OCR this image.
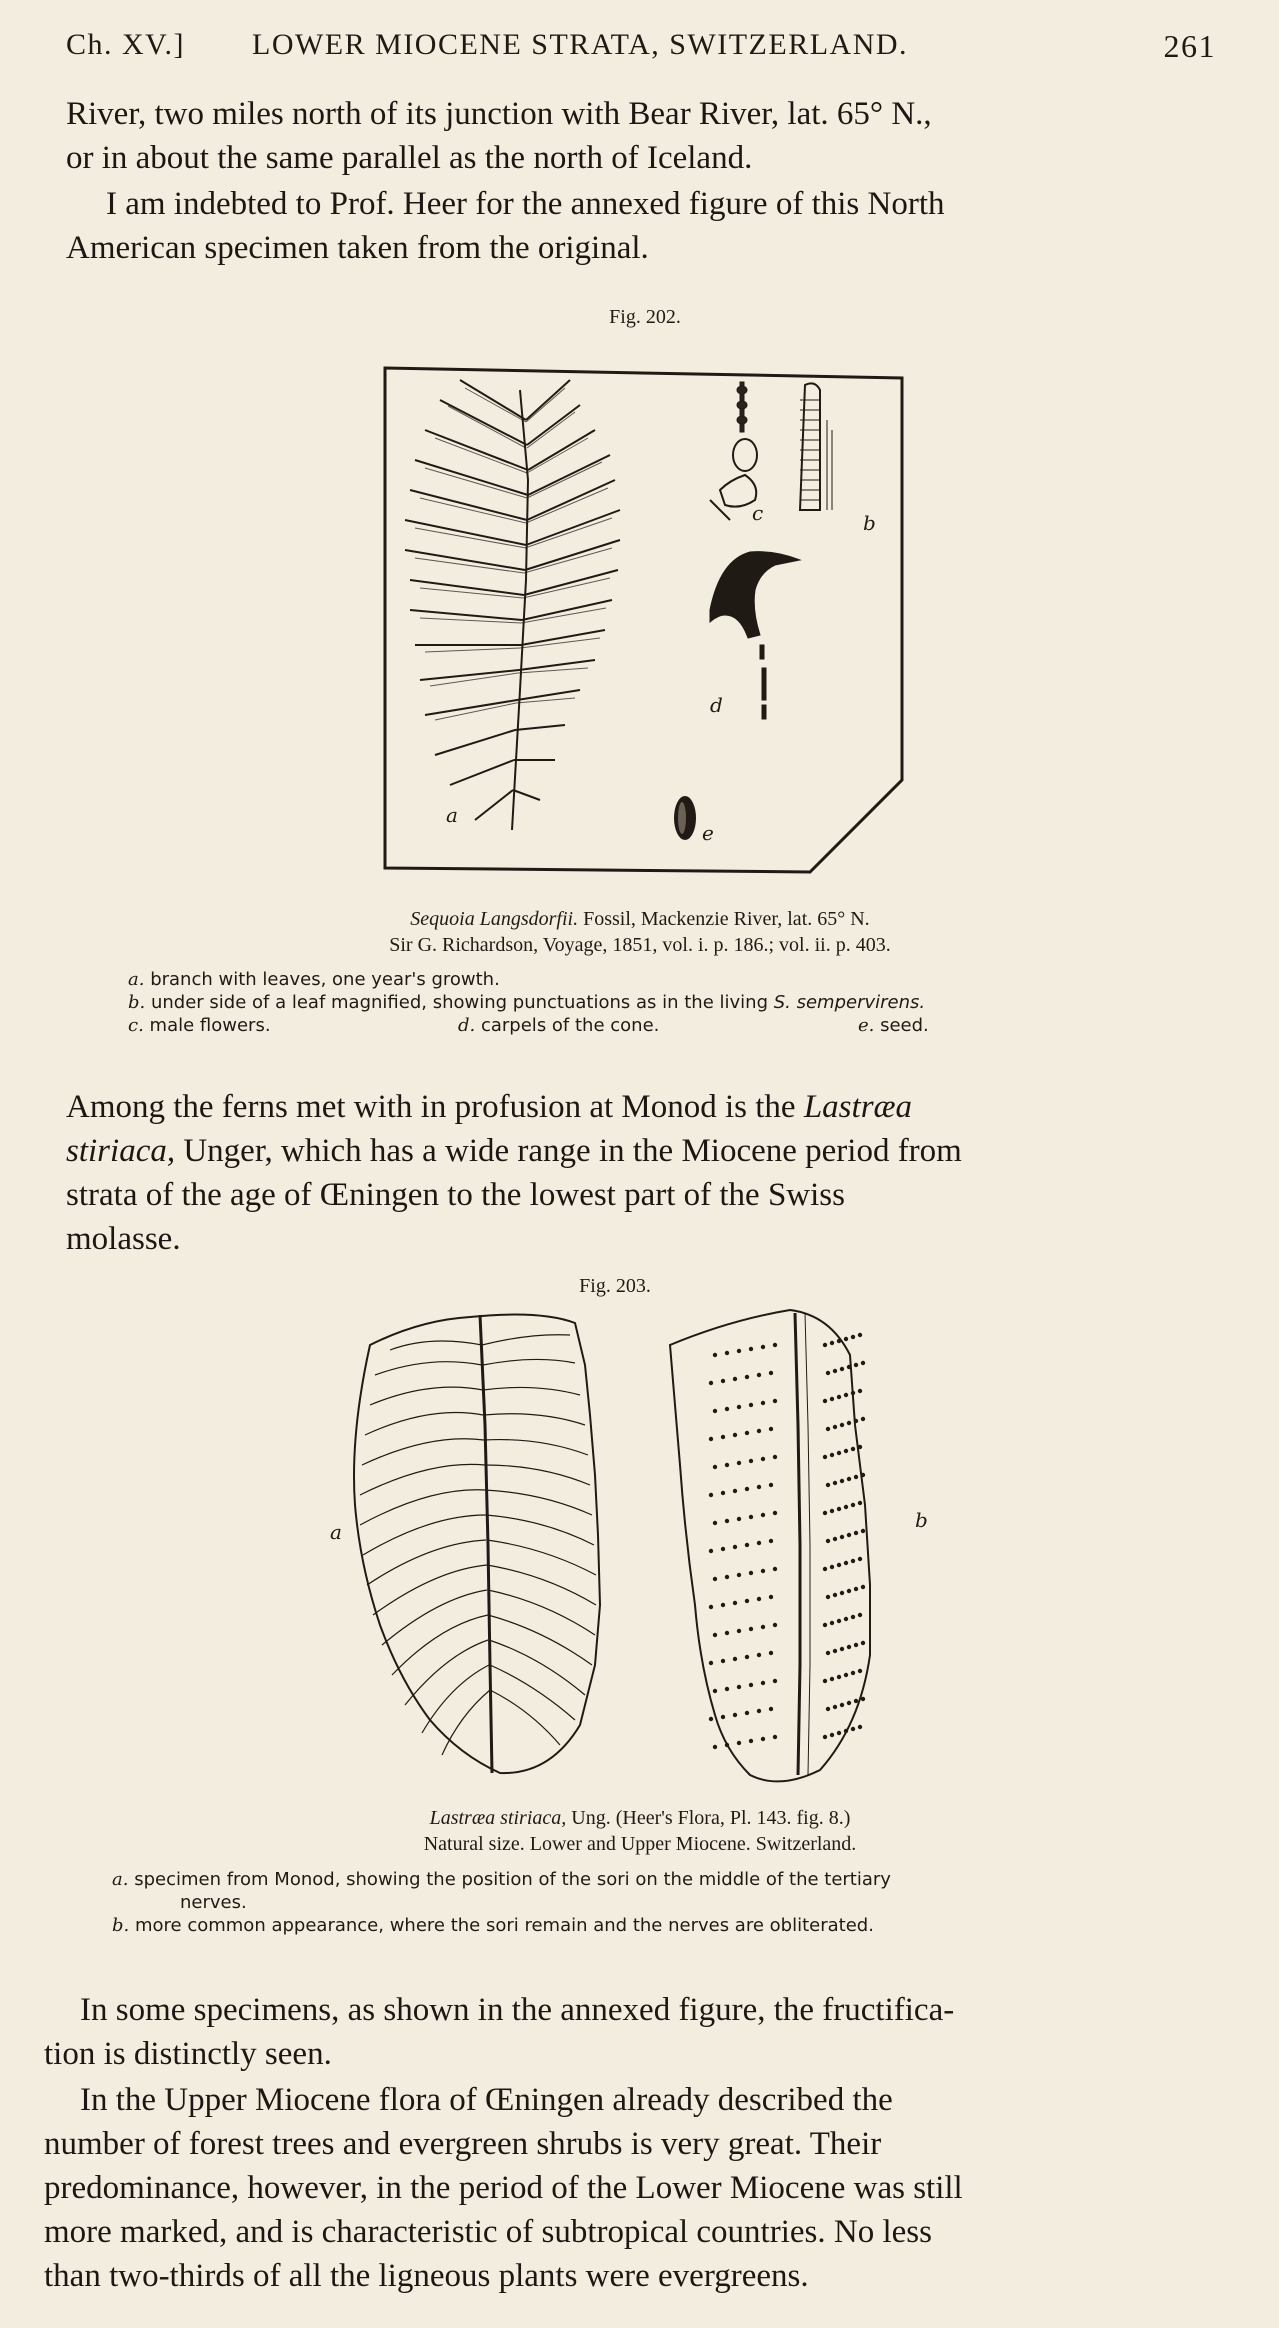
Ch. XV.] LOWER MIOCENE STRATA, SWITZERLAND.	261
River, two miles north of its junction with Bear River, lat. 65° N.,
or in about the same parallel as the north of Iceland.
I am indebted to Prof. Heer for the annexed figure of this North
American specimen taken from the original.
Fig. 202.
a
c	b
d
e
Sequoia Langsdorfii. Fossil, Mackenzie River, lat. 65° N.
Sir G. Richardson, Voyage, 1851, vol. i. p. 186.; vol. ii. p. 403.
a. branch with leaves, one year's growth.
b. under side of a leaf magnified, showing punctuations as in the living S. sempervirens.
c. male flowers.	d. carpels of the cone.	e. seed.
Among the ferns met with in profusion at Monod is the Lastræa
stiriaca, Unger, which has a wide range in the Miocene period from
strata of the age of Œningen to the lowest part of the Swiss
molasse.
Fig. 203.
a	b
Lastræa stiriaca, Ung. (Heer's Flora, Pl. 143. fig. 8.)
Natural size. Lower and Upper Miocene. Switzerland.
a. specimen from Monod, showing the position of the sori on the middle of the tertiary
nerves.
b. more common appearance, where the sori remain and the nerves are obliterated.
In some specimens, as shown in the annexed figure, the fructifica-
tion is distinctly seen.
In the Upper Miocene flora of Œningen already described the
number of forest trees and evergreen shrubs is very great. Their
predominance, however, in the period of the Lower Miocene was still
more marked, and is characteristic of subtropical countries. No less
than two-thirds of all the ligneous plants were evergreens.
